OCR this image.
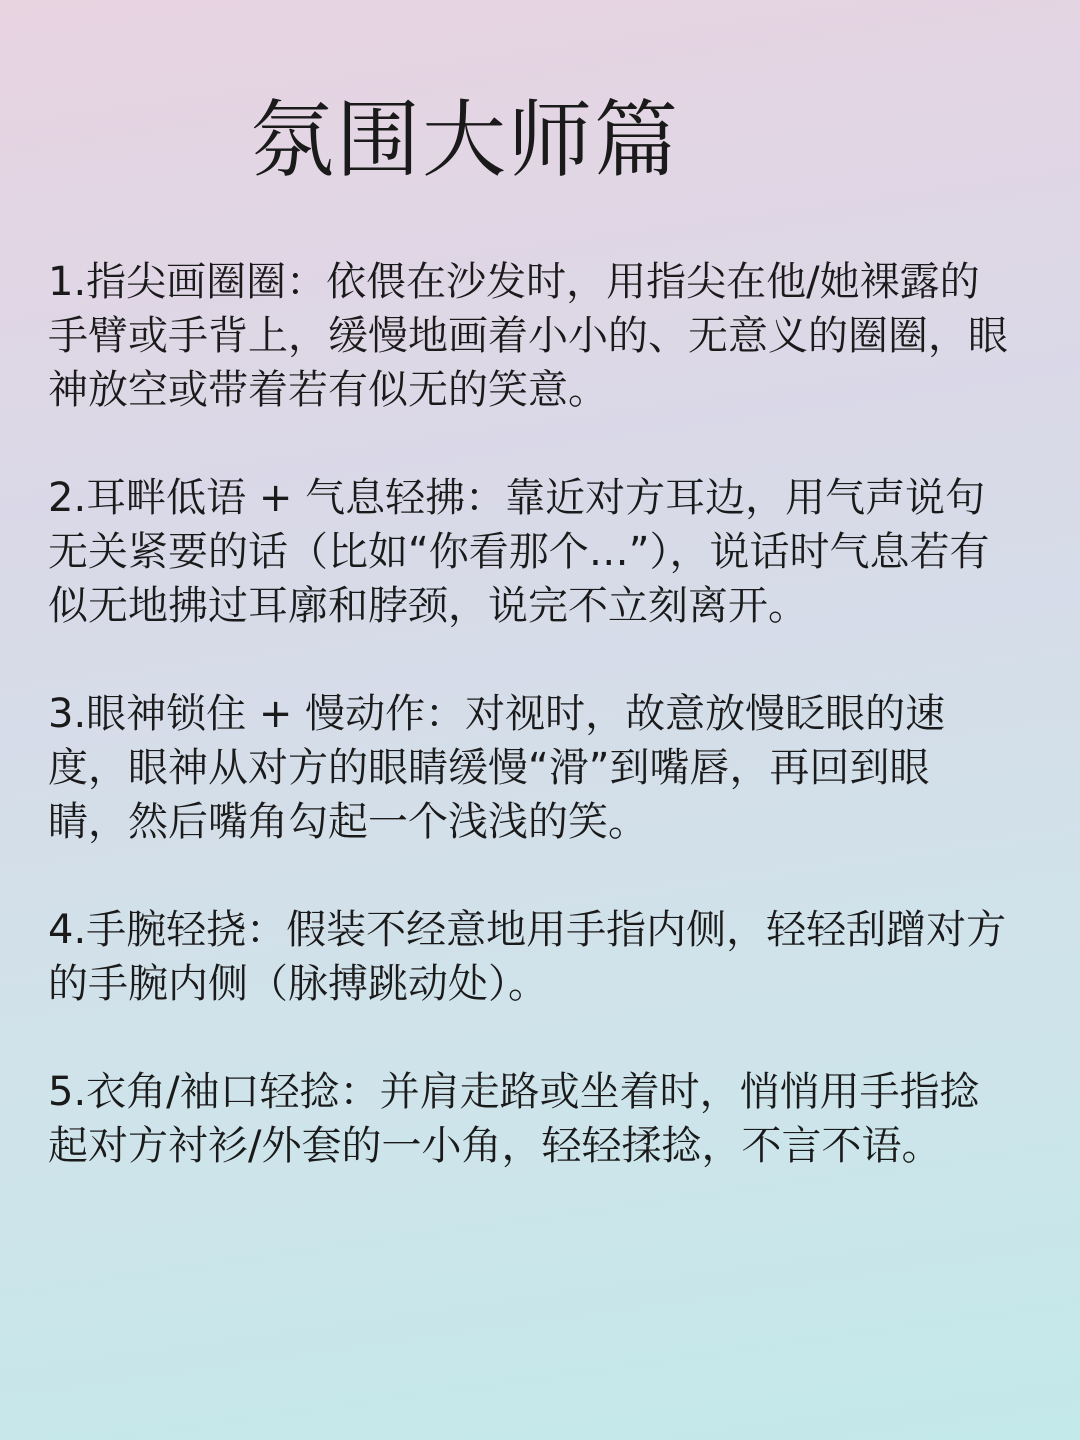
氛围大师篇
1.指尖画圈圈：依偎在沙发时，用指尖在他/她裸露的手臂或手背上，缓慢地画着小小的、无意义的圈圈，眼神放空或带着若有似无的笑意。
2.耳畔低语 + 气息轻拂：靠近对方耳边，用气声说句无关紧要的话（比如“你看那个…”），说话时气息若有似无地拂过耳廓和脖颈，说完不立刻离开。
3.眼神锁住 + 慢动作：对视时，故意放慢眨眼的速度，眼神从对方的眼睛缓慢“滑”到嘴唇，再回到眼睛，然后嘴角勾起一个浅浅的笑。
4.手腕轻挠：假装不经意地用手指内侧，轻轻刮蹭对方的手腕内侧（脉搏跳动处）。
5.衣角/袖口轻捻：并肩走路或坐着时，悄悄用手指捻起对方衬衫/外套的一小角，轻轻揉捻，不言不语。
